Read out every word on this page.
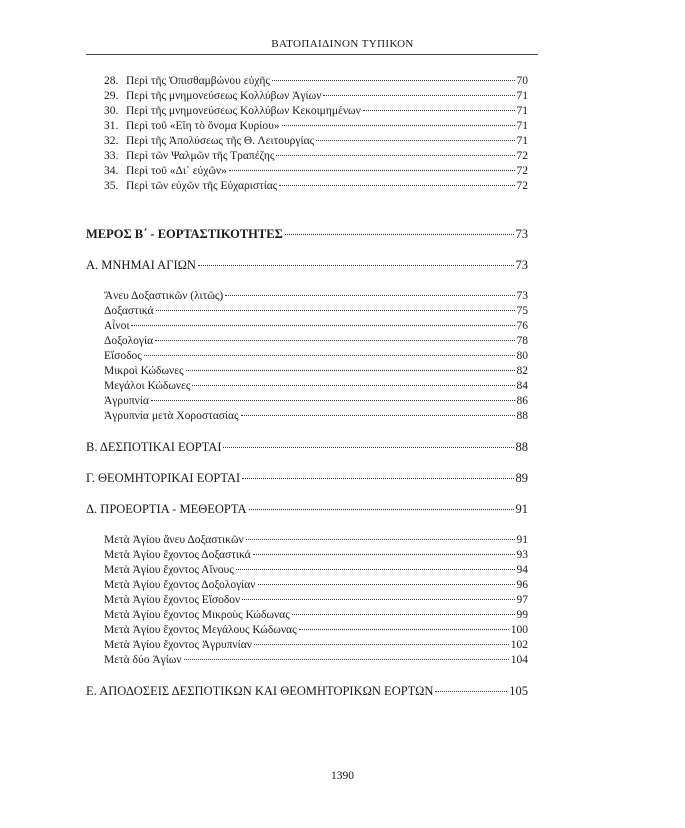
ΒΑΤΟΠΑΙΔΙΝΟΝ ΤΥΠΙΚΟΝ
28. Περὶ τῆς Ὀπισθαμβώνου εὐχῆς	70
29. Περὶ τῆς μνημονεύσεως Κολλύβων Ἁγίων	71
30. Περὶ τῆς μνημονεύσεως Κολλύβων Κεκοιμημένων	71
31. Περὶ τοῦ «Εἴη τὸ ὄνομα Κυρίου»	71
32. Περὶ τῆς Ἀπολύσεως τῆς Θ. Λειτουργίας	71
33. Περὶ τῶν Ψαλμῶν τῆς Τραπέζης	72
34. Περὶ τοῦ «Δι᾽ εὐχῶν»	72
35. Περὶ τῶν εὐχῶν τῆς Εὐχαριστίας	72
ΜΕΡΟΣ Β΄ - ΕΟΡΤΑΣΤΙΚΟΤΗΤΕΣ	73
Α. ΜΝΗΜΑΙ ΑΓΙΩΝ	73
Ἄνευ Δοξαστικῶν (λιτῶς)	73
Δοξαστικά	75
Αἶνοι	76
Δοξολογία	78
Εἴσοδος	80
Μικροὶ Κώδωνες	82
Μεγάλοι Κώδωνες	84
Ἀγρυπνία	86
Ἀγρυπνία μετὰ Χοροστασίας	88
Β. ΔΕΣΠΟΤΙΚΑΙ ΕΟΡΤΑΙ	88
Γ. ΘΕΟΜΗΤΟΡΙΚΑΙ ΕΟΡΤΑΙ	89
Δ. ΠΡΟΕΟΡΤΙΑ - ΜΕΘΕΟΡΤΑ	91
Μετὰ Ἁγίου ἄνευ Δοξαστικῶν	91
Μετὰ Ἁγίου ἔχοντος Δοξαστικά	93
Μετὰ Ἁγίου ἔχοντος Αἴνους	94
Μετὰ Ἁγίου ἔχοντος Δοξολογίαν	96
Μετὰ Ἁγίου ἔχοντος Εἴσοδον	97
Μετὰ Ἁγίου ἔχοντος Μικροὺς Κώδωνας	99
Μετὰ Ἁγίου ἔχοντος Μεγάλους Κώδωνας	100
Μετὰ Ἁγίου ἔχοντος Ἀγρυπνίαν	102
Μετὰ δύο Ἁγίων	104
Ε. ΑΠΟΔΟΣΕΙΣ ΔΕΣΠΟΤΙΚΩΝ ΚΑΙ ΘΕΟΜΗΤΟΡΙΚΩΝ ΕΟΡΤΩΝ	105
1390
